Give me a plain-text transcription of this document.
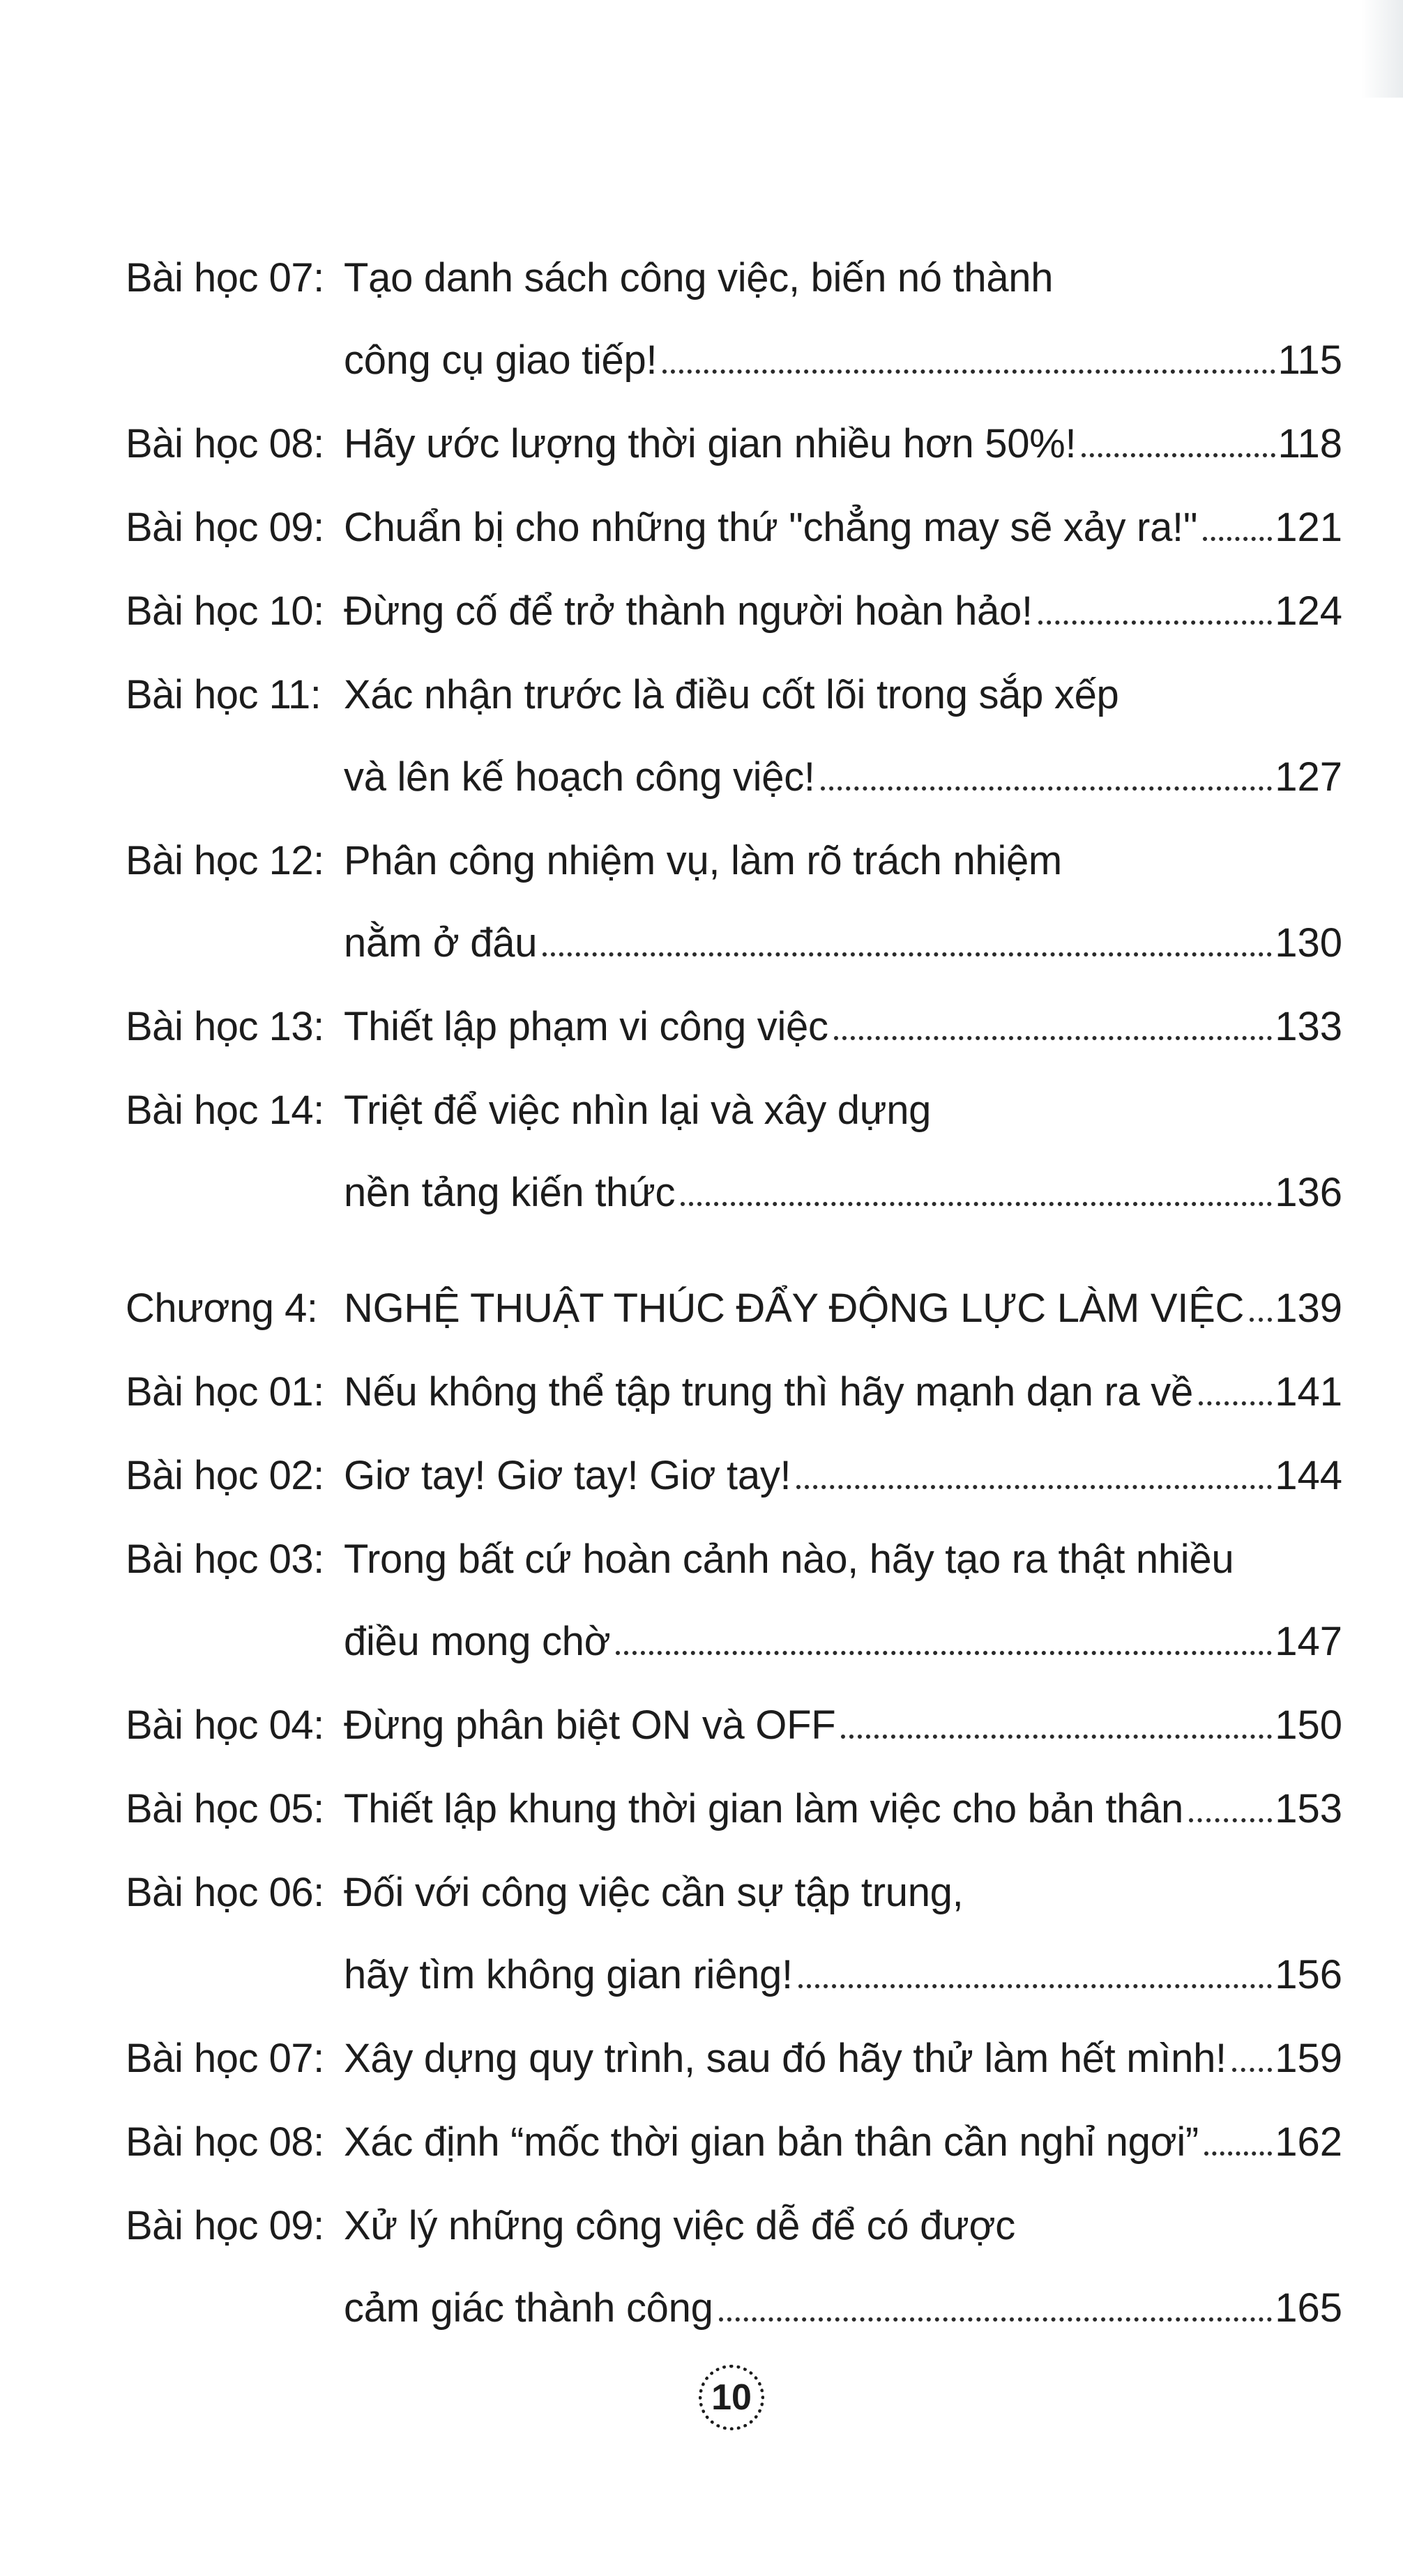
Bài học 07: Tạo danh sách công việc, biến nó thành
công cụ giao tiếp!	115
Bài học 08: Hãy ước lượng thời gian nhiều hơn 50%!	118
Bài học 09: Chuẩn bị cho những thứ "chẳng may sẽ xảy ra!" 121
Bài học 10: Đừng cố để trở thành người hoàn hảo!	124
Bài học 11: Xác nhận trước là điều cốt lõi trong sắp xếp
và lên kế hoạch công việc!	127
Bài học 12: Phân công nhiệm vụ, làm rõ trách nhiệm
nằm ở đâu	130
Bài học 13: Thiết lập phạm vi công việc	133
Bài học 14: Triệt để việc nhìn lại và xây dựng
nền tảng kiến thức	136
Chương 4: NGHỆ THUẬT THÚC ĐẨY ĐỘNG LỰC LÀM VIỆC 139
Bài học 01: Nếu không thể tập trung thì hãy mạnh dạn ra về 141
Bài học 02: Giơ tay! Giơ tay! Giơ tay!	144
Bài học 03: Trong bất cứ hoàn cảnh nào, hãy tạo ra thật nhiều
điều mong chờ	147
Bài học 04: Đừng phân biệt ON và OFF	150
Bài học 05: Thiết lập khung thời gian làm việc cho bản thân 153
Bài học 06: Đối với công việc cần sự tập trung,
hãy tìm không gian riêng!	156
Bài học 07: Xây dựng quy trình, sau đó hãy thử làm hết mình! 159
Bài học 08: Xác định “mốc thời gian bản thân cần nghỉ ngơi” 162
Bài học 09: Xử lý những công việc dễ để có được
cảm giác thành công	165
10
